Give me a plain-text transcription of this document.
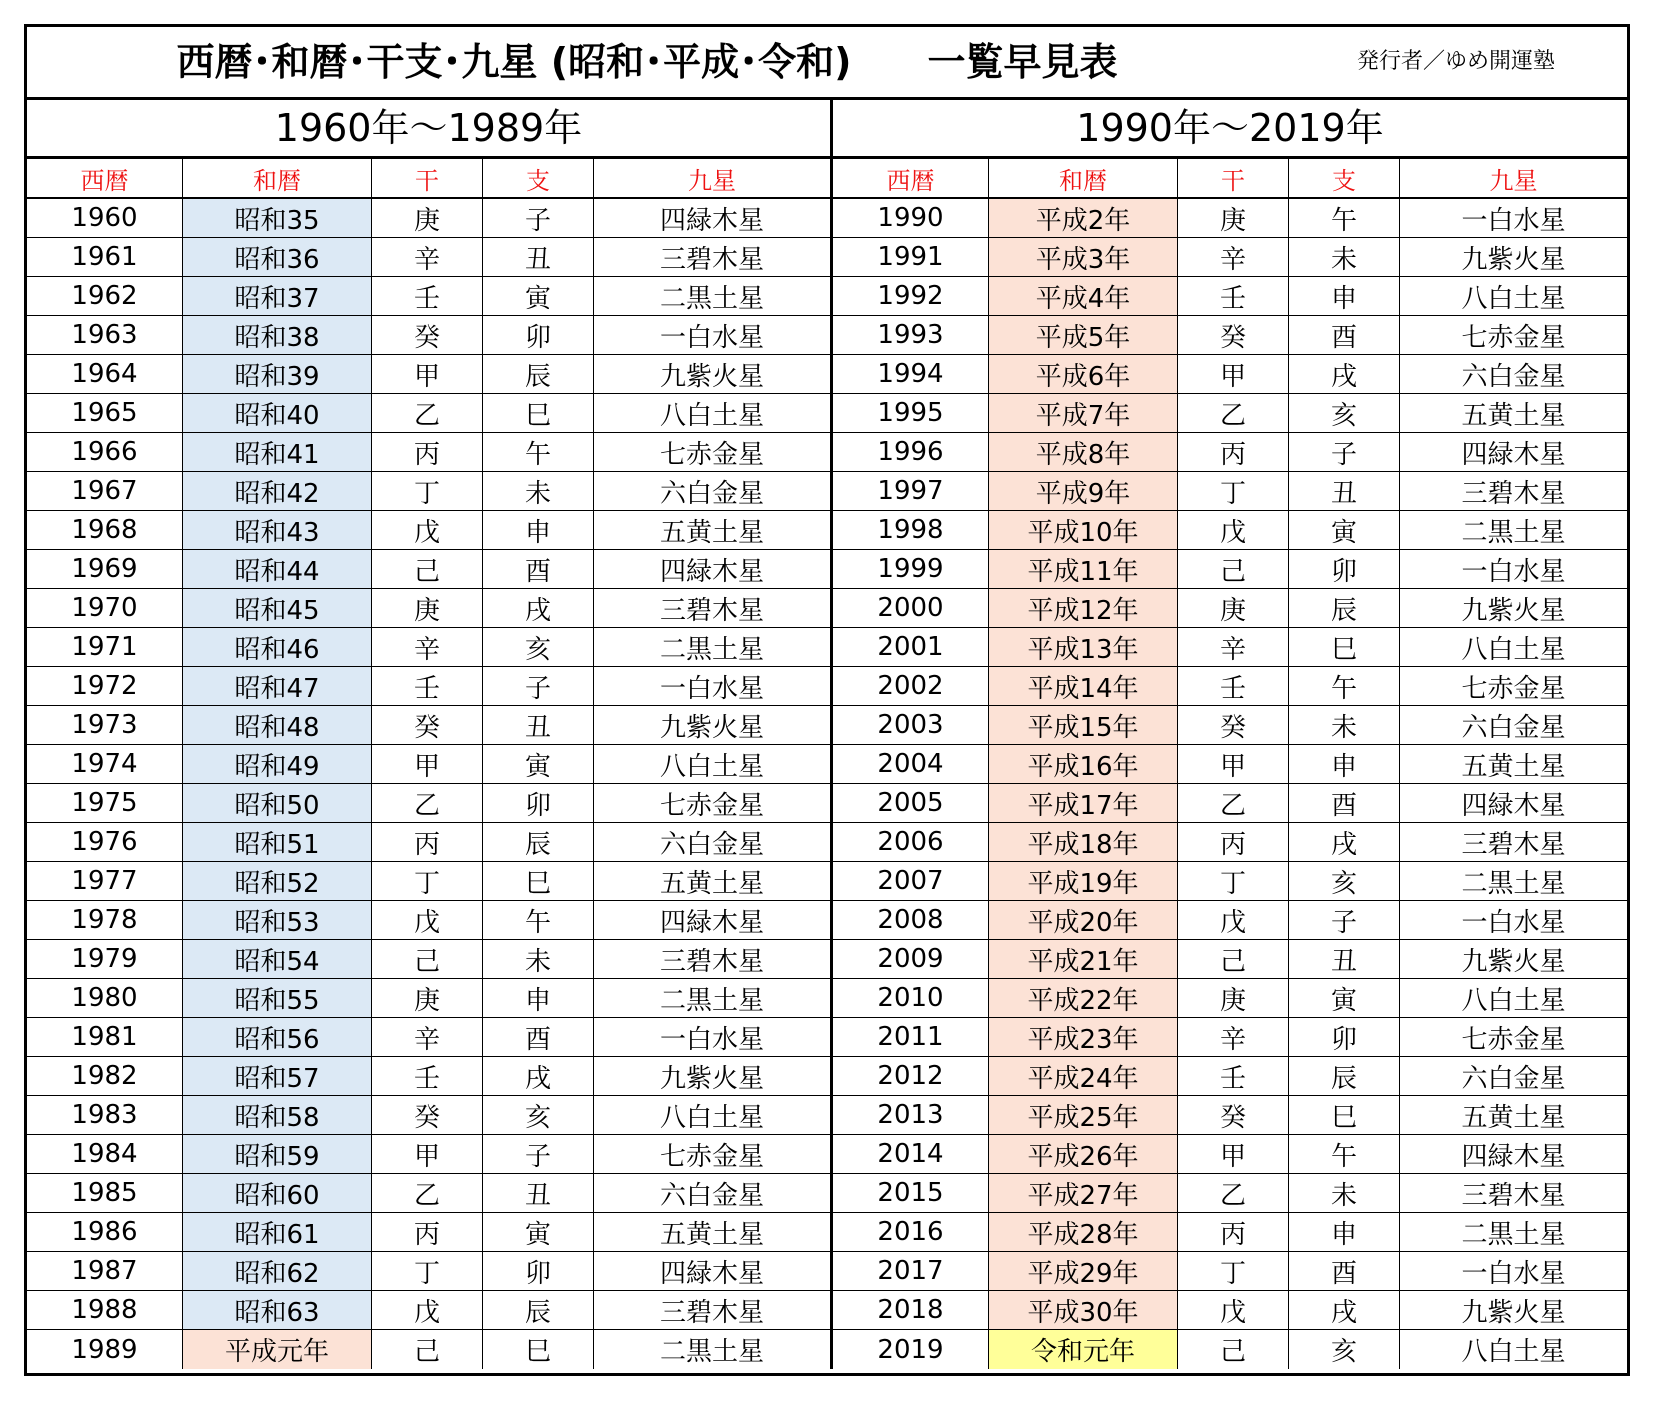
西暦･和暦･干支･九星 (昭和･平成･令和)　　一覧早見表	発行者／ゆめ開運塾
1960年～1989年	1990年～2019年
西暦	和暦	干	支	九星	西暦	和暦	干	支	九星
1960	昭和35	庚	子	四緑木星	1990	平成2年	庚	午	一白水星
1961	昭和36	辛	丑	三碧木星	1991	平成3年	辛	未	九紫火星
1962	昭和37	壬	寅	二黒土星	1992	平成4年	壬	申	八白土星
1963	昭和38	癸	卯	一白水星	1993	平成5年	癸	酉	七赤金星
1964	昭和39	甲	辰	九紫火星	1994	平成6年	甲	戌	六白金星
1965	昭和40	乙	巳	八白土星	1995	平成7年	乙	亥	五黄土星
1966	昭和41	丙	午	七赤金星	1996	平成8年	丙	子	四緑木星
1967	昭和42	丁	未	六白金星	1997	平成9年	丁	丑	三碧木星
1968	昭和43	戊	申	五黄土星	1998	平成10年	戊	寅	二黒土星
1969	昭和44	己	酉	四緑木星	1999	平成11年	己	卯	一白水星
1970	昭和45	庚	戌	三碧木星	2000	平成12年	庚	辰	九紫火星
1971	昭和46	辛	亥	二黒土星	2001	平成13年	辛	巳	八白土星
1972	昭和47	壬	子	一白水星	2002	平成14年	壬	午	七赤金星
1973	昭和48	癸	丑	九紫火星	2003	平成15年	癸	未	六白金星
1974	昭和49	甲	寅	八白土星	2004	平成16年	甲	申	五黄土星
1975	昭和50	乙	卯	七赤金星	2005	平成17年	乙	酉	四緑木星
1976	昭和51	丙	辰	六白金星	2006	平成18年	丙	戌	三碧木星
1977	昭和52	丁	巳	五黄土星	2007	平成19年	丁	亥	二黒土星
1978	昭和53	戊	午	四緑木星	2008	平成20年	戊	子	一白水星
1979	昭和54	己	未	三碧木星	2009	平成21年	己	丑	九紫火星
1980	昭和55	庚	申	二黒土星	2010	平成22年	庚	寅	八白土星
1981	昭和56	辛	酉	一白水星	2011	平成23年	辛	卯	七赤金星
1982	昭和57	壬	戌	九紫火星	2012	平成24年	壬	辰	六白金星
1983	昭和58	癸	亥	八白土星	2013	平成25年	癸	巳	五黄土星
1984	昭和59	甲	子	七赤金星	2014	平成26年	甲	午	四緑木星
1985	昭和60	乙	丑	六白金星	2015	平成27年	乙	未	三碧木星
1986	昭和61	丙	寅	五黄土星	2016	平成28年	丙	申	二黒土星
1987	昭和62	丁	卯	四緑木星	2017	平成29年	丁	酉	一白水星
1988	昭和63	戊	辰	三碧木星	2018	平成30年	戊	戌	九紫火星
1989	平成元年	己	巳	二黒土星	2019	令和元年	己	亥	八白土星
